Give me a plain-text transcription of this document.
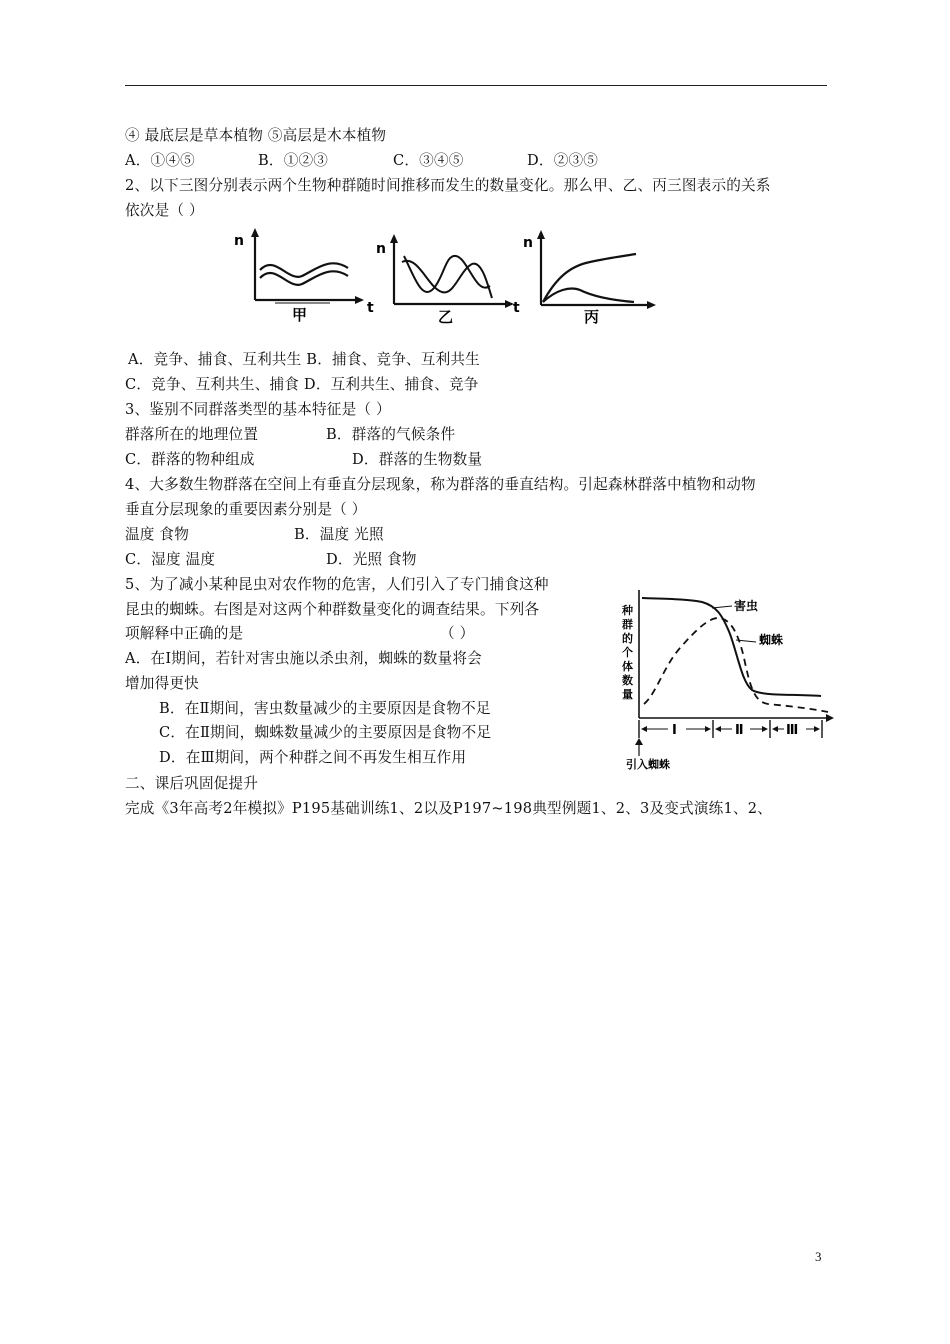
④ 最底层是草本植物 ⑤高层是木本植物
A．①④⑤	B．①②③	C．③④⑤	D．②③⑤
2、以下三图分别表示两个生物种群随时间推移而发生的数量变化。那么甲、乙、丙三图表示的关系
依次是（ ）
n
t
甲
n
t
乙
n
丙
A．竞争、捕食、互利共生 B．捕食、竞争、互利共生
C．竞争、互利共生、捕食 D．互利共生、捕食、竞争
3、鉴别不同群落类型的基本特征是（ ）
群落所在的地理位置	B．群落的气候条件
C．群落的物种组成	D．群落的生物数量
4、大多数生物群落在空间上有垂直分层现象，称为群落的垂直结构。引起森林群落中植物和动物
垂直分层现象的重要因素分别是（ ）
温度 食物	B．温度 光照
C．湿度 温度	D．光照 食物
5、为了减小某种昆虫对农作物的危害，人们引入了专门捕食这种
昆虫的蜘蛛。右图是对这两个种群数量变化的调查结果。下列各
项解释中正确的是	（ ）
A．在Ⅰ期间，若针对害虫施以杀虫剂，蜘蛛的数量将会
增加得更快
B．在Ⅱ期间，害虫数量减少的主要原因是食物不足
C．在Ⅱ期间，蜘蛛数量减少的主要原因是食物不足
D．在Ⅲ期间，两个种群之间不再发生相互作用
种
群
的
个
体
数
量
害虫
蜘蛛
Ⅰ	Ⅱ	Ⅲ
引入蜘蛛
二、课后巩固促提升
完成《3年高考2年模拟》P195基础训练1、2以及P197~198典型例题1、2、3及变式演练1、2、
3
